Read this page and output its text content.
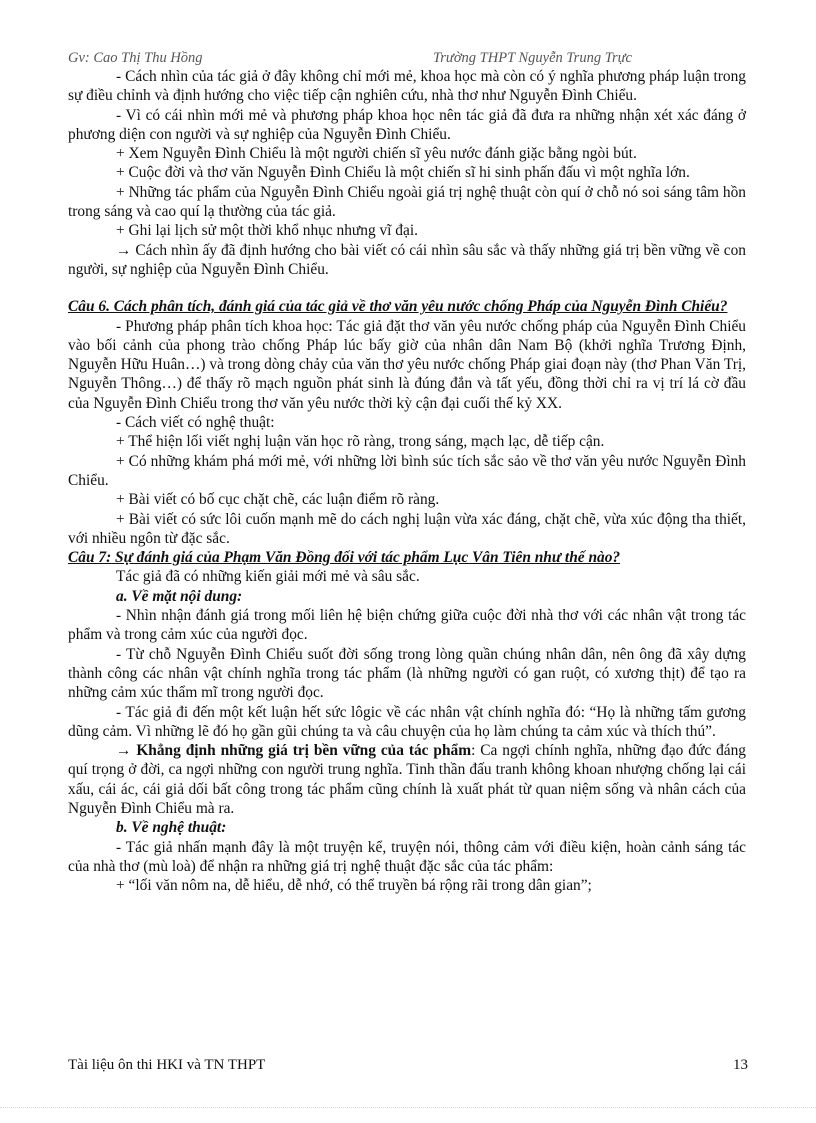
Gv: Cao Thị Thu Hồng	Trường THPT Nguyễn Trung Trực
- Cách nhìn của tác giả ở đây không chỉ mới mẻ, khoa học mà còn có ý nghĩa phương pháp luận trong sự điều chỉnh và định hướng cho việc tiếp cận nghiên cứu, nhà thơ như Nguyễn Đình Chiểu.
- Vì có cái nhìn mới mẻ và phương pháp khoa học nên tác giả đã đưa ra những nhận xét xác đáng ở phương diện con người và sự nghiệp của Nguyễn Đình Chiểu.
+ Xem Nguyễn Đình Chiểu là một người chiến sĩ yêu nước đánh giặc bằng ngòi bút.
+ Cuộc đời và thơ văn Nguyễn Đình Chiểu là một chiến sĩ hi sinh phấn đấu vì một nghĩa lớn.
+ Những tác phẩm của Nguyễn Đình Chiểu ngoài giá trị nghệ thuật còn quí ở chỗ nó soi sáng tâm hồn trong sáng và cao quí lạ thường của tác giả.
+ Ghi lại lịch sử một thời khổ nhục nhưng vĩ đại.
→ Cách nhìn ấy đã định hướng cho bài viết có cái nhìn sâu sắc và thấy những giá trị bền vững về con người, sự nghiệp của Nguyễn Đình Chiểu.
Câu 6. Cách phân tích, đánh giá của tác giả về thơ văn yêu nước chống Pháp của Nguyễn Đình Chiểu?
- Phương pháp phân tích khoa học: Tác giả đặt thơ văn yêu nước chống pháp của Nguyễn Đình Chiểu vào bối cảnh của phong trào chống Pháp lúc bấy giờ của nhân dân Nam Bộ (khởi nghĩa Trương Định, Nguyễn Hữu Huân…) và trong dòng chảy của văn thơ yêu nước chống Pháp giai đoạn này (thơ Phan Văn Trị, Nguyễn Thông…) để thấy rõ mạch nguồn phát sinh là đúng đắn và tất yếu, đồng thời chỉ ra vị trí lá cờ đầu của Nguyễn Đình Chiểu trong thơ văn yêu nước thời kỳ cận đại cuối thế kỷ XX.
- Cách viết có nghệ thuật:
+ Thể hiện lối viết nghị luận văn học rõ ràng, trong sáng, mạch lạc, dễ tiếp cận.
+ Có những khám phá mới mẻ, với những lời bình súc tích sắc sảo về thơ văn yêu nước Nguyễn Đình Chiểu.
+ Bài viết có bố cục chặt chẽ, các luận điểm rõ ràng.
+ Bài viết có sức lôi cuốn mạnh mẽ do cách nghị luận vừa xác đáng, chặt chẽ, vừa xúc động tha thiết, với nhiều ngôn từ đặc sắc.
Câu 7: Sự đánh giá của Phạm Văn Đồng đối với tác phẩm Lục Vân Tiên như thế nào?
Tác giả đã có những kiến giải mới mẻ và sâu sắc.
a. Về mặt nội dung:
- Nhìn nhận đánh giá trong mối liên hệ biện chứng giữa cuộc đời nhà thơ với các nhân vật trong tác phẩm và trong cảm xúc của người đọc.
- Từ chỗ Nguyễn Đình Chiểu suốt đời sống trong lòng quần chúng nhân dân, nên ông đã xây dựng thành công các nhân vật chính nghĩa trong tác phẩm (là những người có gan ruột, có xương thịt) để tạo ra những cảm xúc thẩm mĩ trong người đọc.
- Tác giả đi đến một kết luận hết sức lôgic về các nhân vật chính nghĩa đó: “Họ là những tấm gương dũng cảm. Vì những lẽ đó họ gần gũi chúng ta và câu chuyện của họ làm chúng ta cảm xúc và thích thú”.
→ Khẳng định những giá trị bền vững của tác phẩm: Ca ngợi chính nghĩa, những đạo đức đáng quí trọng ở đời, ca ngợi những con người trung nghĩa. Tinh thần đấu tranh không khoan nhượng chống lại cái xấu, cái ác, cái giả dối bất công trong tác phẩm cũng chính là xuất phát từ quan niệm sống và nhân cách của Nguyễn Đình Chiểu mà ra.
b. Về nghệ thuật:
- Tác giả nhấn mạnh đây là một truyện kể, truyện nói, thông cảm với điều kiện, hoàn cảnh sáng tác của nhà thơ (mù loà) để nhận ra những giá trị nghệ thuật đặc sắc của tác phẩm:
+ “lối văn nôm na, dễ hiểu, dễ nhớ, có thể truyền bá rộng rãi trong dân gian”;
Tài liệu ôn thi HKI và TN THPT	13
